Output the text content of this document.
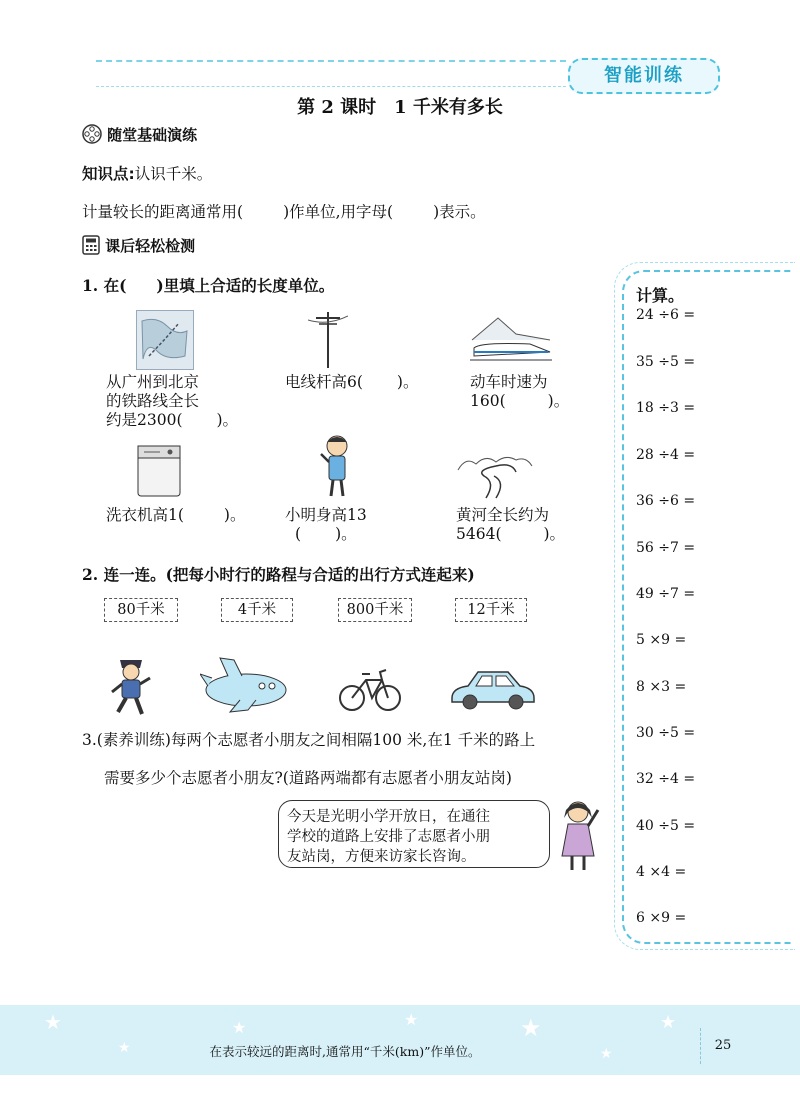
智能训练
第 2 课时　1 千米有多长
随堂基础演练
知识点:认识千米。
计量较长的距离通常用(	)作单位,用字母(	)表示。
课后轻松检测
1. 在( )里填上合适的长度单位。
从广州到北京
的铁路线全长
约是2300( )。
电线杆高6( )。	动车时速为
160(	)。
洗衣机高1(	)。	小明身高13
( )。
黄河全长约为
5464(	)。
2. 连一连。(把每小时行的路程与合适的出行方式连起来)
80千米	4千米	800千米	12千米
3.(素养训练)每两个志愿者小朋友之间相隔100 米,在1 千米的路上
需要多少个志愿者小朋友?(道路两端都有志愿者小朋友站岗)
今天是光明小学开放日，在通往
学校的道路上安排了志愿者小朋
友站岗，方便来访家长咨询。
计算。
24 ÷6 =
35 ÷5 =
18 ÷3 =
28 ÷4 =
36 ÷6 =
56 ÷7 =
49 ÷7 =
5 ×9 =
8 ×3 =
30 ÷5 =
32 ÷4 =
40 ÷5 =
4 ×4 =
6 ×9 =
★
★
★	★	★
★
★
在表示较远的距离时,通常用“千米(km)”作单位。	25
